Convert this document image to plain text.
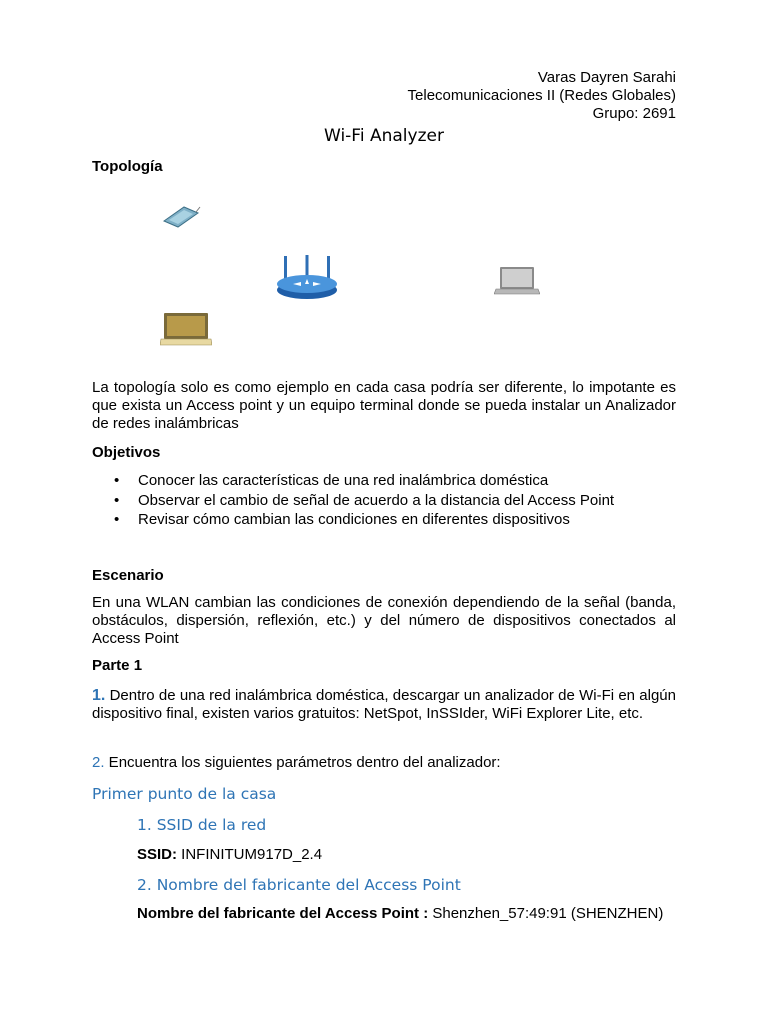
Varas Dayren Sarahi
Telecomunicaciones II (Redes Globales)
Grupo: 2691
Wi-Fi Analyzer
Topología
La topología solo es como ejemplo en cada casa podría ser diferente, lo impotante es que exista un Access point y un equipo terminal donde se pueda instalar un Analizador de redes inalámbricas
Objetivos
• Conocer las características de una red inalámbrica doméstica
• Observar el cambio de señal de acuerdo a la distancia del Access Point
• Revisar cómo cambian las condiciones en diferentes dispositivos
Escenario
En una WLAN cambian las condiciones de conexión dependiendo de la señal (banda, obstáculos, dispersión, reflexión, etc.) y del número de dispositivos conectados al Access Point
Parte 1
1. Dentro de una red inalámbrica doméstica, descargar un analizador de Wi-Fi en algún dispositivo final, existen varios gratuitos: NetSpot, InSSIder, WiFi Explorer Lite, etc.
2. Encuentra los siguientes parámetros dentro del analizador:
Primer punto de la casa
1. SSID de la red
SSID: INFINITUM917D_2.4
2. Nombre del fabricante del Access Point
Nombre del fabricante del Access Point : Shenzhen_57:49:91 (SHENZHEN)
